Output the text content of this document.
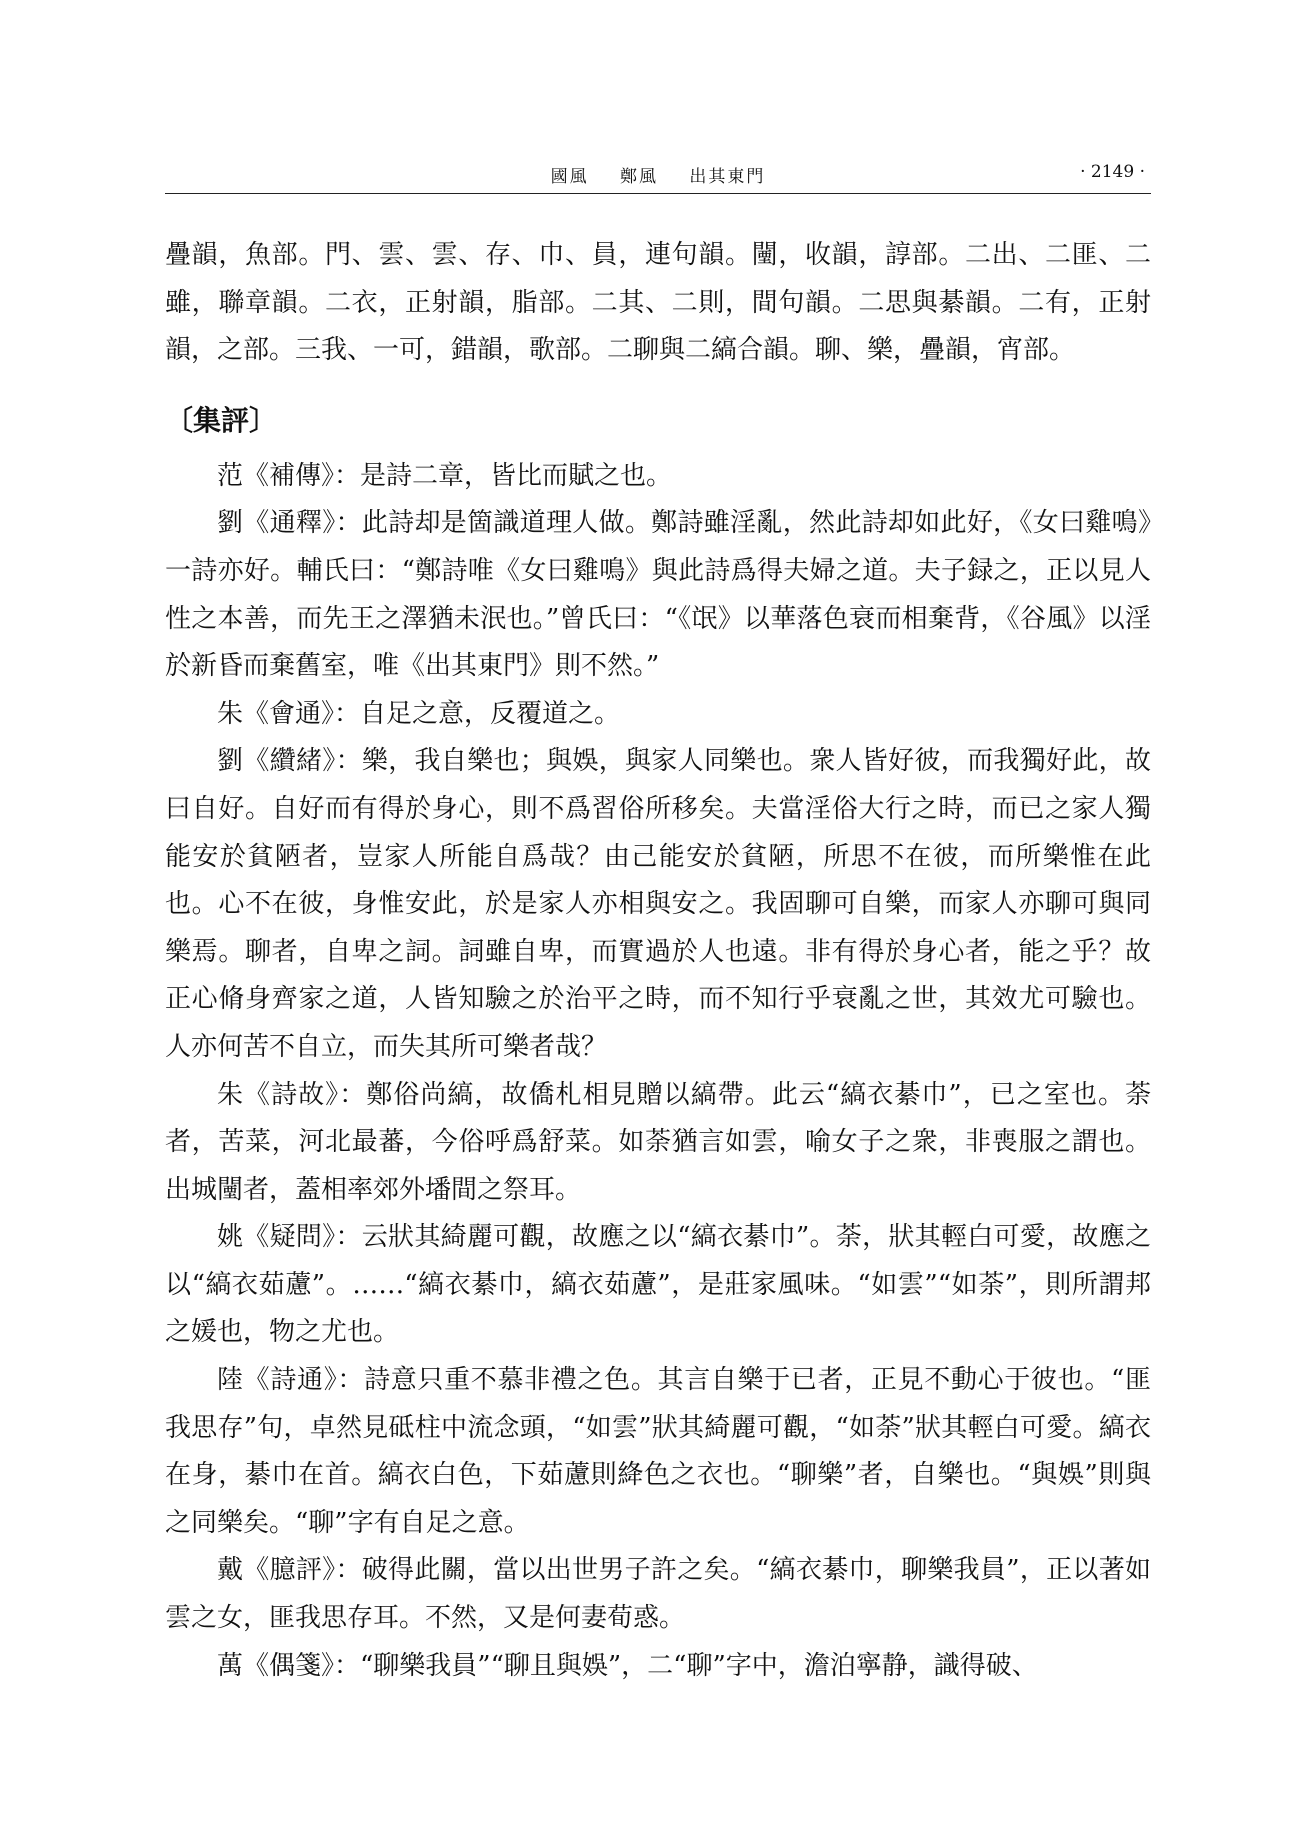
國風 鄭風 出其東門	· 2149 ·

疊韻，魚部。門、雲、雲、存、巾、員，連句韻。闉，收韻，諄部。二出、二匪、二雖，聯章韻。二衣，正射韻，脂部。二其、二則，間句韻。二思與綦韻。二有，正射韻，之部。三我、一可，錯韻，歌部。二聊與二縞合韻。聊、樂，疊韻，宵部。

〔集評〕

范《補傳》：是詩二章，皆比而賦之也。

劉《通釋》：此詩却是箇識道理人做。鄭詩雖淫亂，然此詩却如此好，《女曰雞鳴》一詩亦好。輔氏曰：“鄭詩唯《女曰雞鳴》與此詩爲得夫婦之道。夫子録之，正以見人性之本善，而先王之澤猶未泯也。”曾氏曰：“《氓》以華落色衰而相棄背，《谷風》以淫於新昏而棄舊室，唯《出其東門》則不然。”

朱《會通》：自足之意，反覆道之。

劉《纘緒》：樂，我自樂也；與娛，與家人同樂也。衆人皆好彼，而我獨好此，故曰自好。自好而有得於身心，則不爲習俗所移矣。夫當淫俗大行之時，而已之家人獨能安於貧陋者，豈家人所能自爲哉？由己能安於貧陋，所思不在彼，而所樂惟在此也。心不在彼，身惟安此，於是家人亦相與安之。我固聊可自樂，而家人亦聊可與同樂焉。聊者，自卑之詞。詞雖自卑，而實過於人也遠。非有得於身心者，能之乎？故正心脩身齊家之道，人皆知驗之於治平之時，而不知行乎衰亂之世，其效尤可驗也。人亦何苦不自立，而失其所可樂者哉？

朱《詩故》：鄭俗尚縞，故僑札相見贈以縞帶。此云“縞衣綦巾”，已之室也。荼者，苦菜，河北最蕃，今俗呼爲舒菜。如荼猶言如雲，喻女子之衆，非喪服之謂也。出城闉者，蓋相率郊外墦間之祭耳。

姚《疑問》：云狀其綺麗可觀，故應之以“縞衣綦巾”。荼，狀其輕白可愛，故應之以“縞衣茹藘”。……“縞衣綦巾，縞衣茹藘”，是莊家風味。“如雲”“如荼”，則所謂邦之媛也，物之尤也。

陸《詩通》：詩意只重不慕非禮之色。其言自樂于已者，正見不動心于彼也。“匪我思存”句，卓然見砥柱中流念頭，“如雲”狀其綺麗可觀，“如荼”狀其輕白可愛。縞衣在身，綦巾在首。縞衣白色，下茹藘則絳色之衣也。“聊樂”者，自樂也。“與娛”則與之同樂矣。“聊”字有自足之意。

戴《臆評》：破得此關，當以出世男子許之矣。“縞衣綦巾，聊樂我員”，正以著如雲之女，匪我思存耳。不然，又是何妻荀惑。

萬《偶箋》：“聊樂我員”“聊且與娛”，二“聊”字中，澹泊寧静，識得破、
